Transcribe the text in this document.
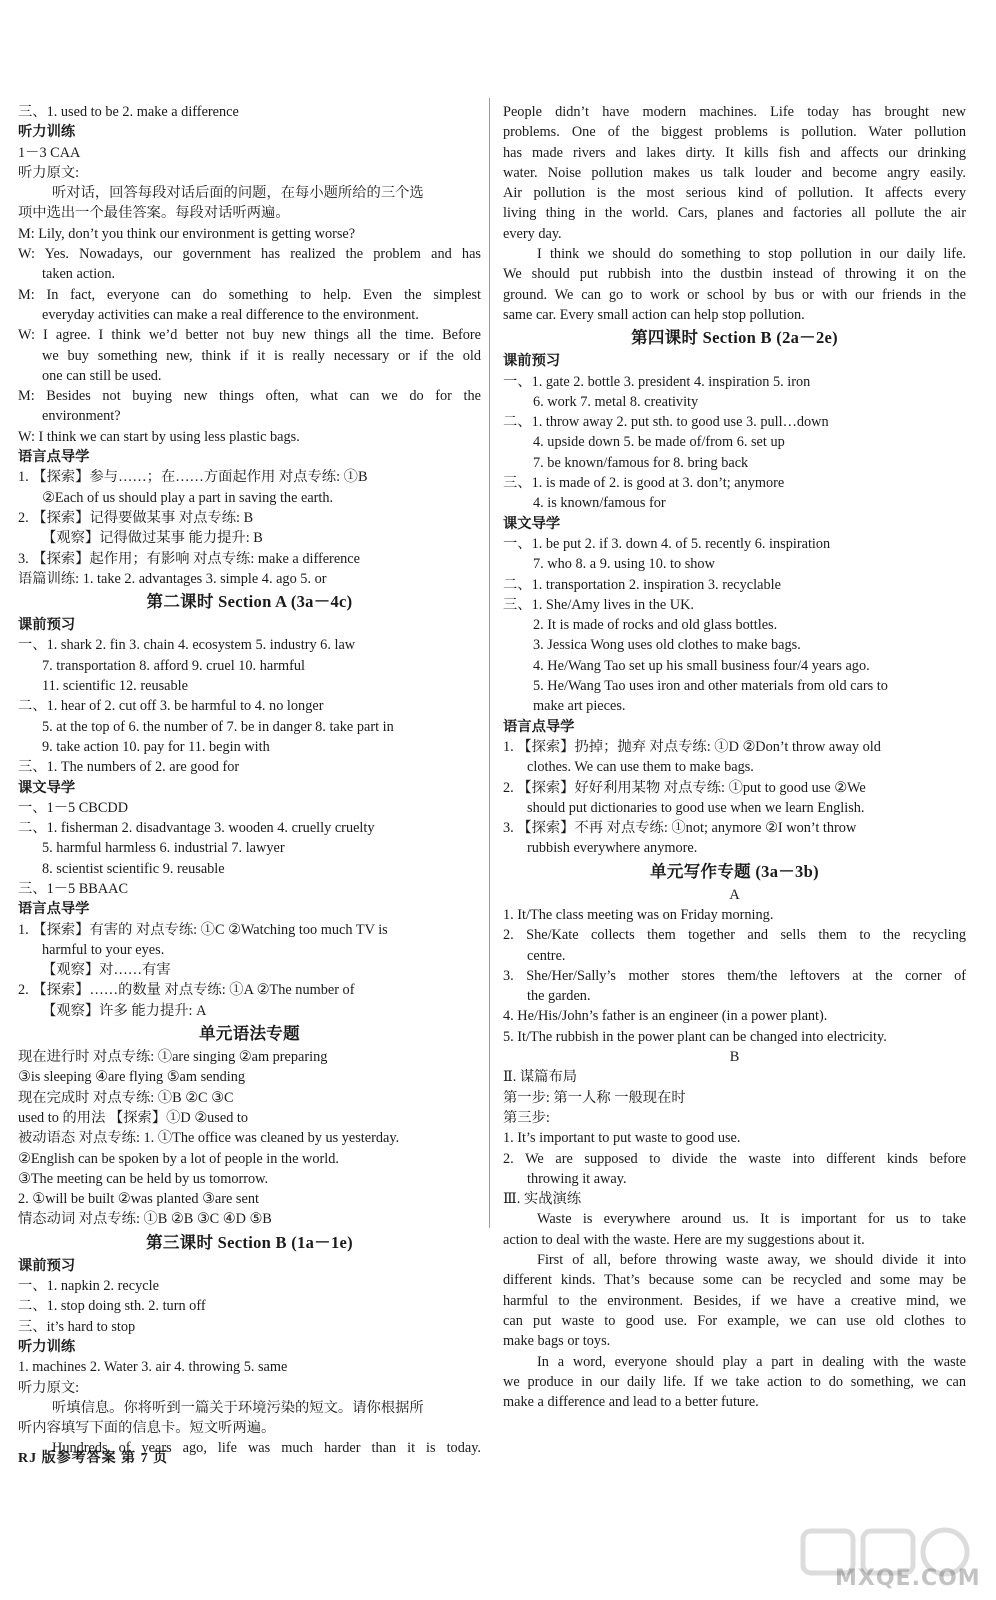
三、1. used to be 2. make a difference
听力训练
1－3 CAA
听力原文:
听对话，回答每段对话后面的问题，在每小题所给的三个选
项中选出一个最佳答案。每段对话听两遍。
M: Lily, don’t you think our environment is getting worse?
W: Yes. Nowadays, our government has realized the problem and has
taken action.
M: In fact, everyone can do something to help. Even the simplest
everyday activities can make a real difference to the environment.
W: I agree. I think we’d better not buy new things all the time. Before
we buy something new, think if it is really necessary or if the old
one can still be used.
M: Besides not buying new things often, what can we do for the
environment?
W: I think we can start by using less plastic bags.
语言点导学
1. 【探索】参与……；在……方面起作用 对点专练: ①B
②Each of us should play a part in saving the earth.
2. 【探索】记得要做某事 对点专练: B
【观察】记得做过某事 能力提升: B
3. 【探索】起作用；有影响 对点专练: make a difference
语篇训练: 1. take 2. advantages 3. simple 4. ago 5. or
第二课时 Section A (3a－4c)
课前预习
一、1. shark 2. fin 3. chain 4. ecosystem 5. industry 6. law
7. transportation 8. afford 9. cruel 10. harmful
11. scientific 12. reusable
二、1. hear of 2. cut off 3. be harmful to 4. no longer
5. at the top of 6. the number of 7. be in danger 8. take part in
9. take action 10. pay for 11. begin with
三、1. The numbers of 2. are good for
课文导学
一、1－5 CBCDD
二、1. fisherman 2. disadvantage 3. wooden 4. cruelly cruelty
5. harmful harmless 6. industrial 7. lawyer
8. scientist scientific 9. reusable
三、1－5 BBAAC
语言点导学
1. 【探索】有害的 对点专练: ①C ②Watching too much TV is
harmful to your eyes.
【观察】对……有害
2. 【探索】……的数量 对点专练: ①A ②The number of
【观察】许多 能力提升: A
单元语法专题
现在进行时 对点专练: ①are singing ②am preparing
③is sleeping ④are flying ⑤am sending
现在完成时 对点专练: ①B ②C ③C
used to 的用法 【探索】①D ②used to
被动语态 对点专练: 1. ①The office was cleaned by us yesterday.
②English can be spoken by a lot of people in the world.
③The meeting can be held by us tomorrow.
2. ①will be built ②was planted ③are sent
情态动词 对点专练: ①B ②B ③C ④D ⑤B
第三课时 Section B (1a－1e)
课前预习
一、1. napkin 2. recycle
二、1. stop doing sth. 2. turn off
三、it’s hard to stop
听力训练
1. machines 2. Water 3. air 4. throwing 5. same
听力原文:
听填信息。你将听到一篇关于环境污染的短文。请你根据所
听内容填写下面的信息卡。短文听两遍。
Hundreds of years ago, life was much harder than it is today.
People didn’t have modern machines. Life today has brought new
problems. One of the biggest problems is pollution. Water pollution
has made rivers and lakes dirty. It kills fish and affects our drinking
water. Noise pollution makes us talk louder and become angry easily.
Air pollution is the most serious kind of pollution. It affects every
living thing in the world. Cars, planes and factories all pollute the air
every day.
I think we should do something to stop pollution in our daily life.
We should put rubbish into the dustbin instead of throwing it on the
ground. We can go to work or school by bus or with our friends in the
same car. Every small action can help stop pollution.
第四课时 Section B (2a－2e)
课前预习
一、1. gate 2. bottle 3. president 4. inspiration 5. iron
6. work 7. metal 8. creativity
二、1. throw away 2. put sth. to good use 3. pull…down
4. upside down 5. be made of/from 6. set up
7. be known/famous for 8. bring back
三、1. is made of 2. is good at 3. don’t; anymore
4. is known/famous for
课文导学
一、1. be put 2. if 3. down 4. of 5. recently 6. inspiration
7. who 8. a 9. using 10. to show
二、1. transportation 2. inspiration 3. recyclable
三、1. She/Amy lives in the UK.
2. It is made of rocks and old glass bottles.
3. Jessica Wong uses old clothes to make bags.
4. He/Wang Tao set up his small business four/4 years ago.
5. He/Wang Tao uses iron and other materials from old cars to
make art pieces.
语言点导学
1. 【探索】扔掉；抛弃 对点专练: ①D ②Don’t throw away old
clothes. We can use them to make bags.
2. 【探索】好好利用某物 对点专练: ①put to good use ②We
should put dictionaries to good use when we learn English.
3. 【探索】不再 对点专练: ①not; anymore ②I won’t throw
rubbish everywhere anymore.
单元写作专题 (3a－3b)
A
1. It/The class meeting was on Friday morning.
2. She/Kate collects them together and sells them to the recycling
centre.
3. She/Her/Sally’s mother stores them/the leftovers at the corner of
the garden.
4. He/His/John’s father is an engineer (in a power plant).
5. It/The rubbish in the power plant can be changed into electricity.
B
Ⅱ. 谋篇布局
第一步: 第一人称 一般现在时
第三步:
1. It’s important to put waste to good use.
2. We are supposed to divide the waste into different kinds before
throwing it away.
Ⅲ. 实战演练
Waste is everywhere around us. It is important for us to take
action to deal with the waste. Here are my suggestions about it.
First of all, before throwing waste away, we should divide it into
different kinds. That’s because some can be recycled and some may be
harmful to the environment. Besides, if we have a creative mind, we
can put waste to good use. For example, we can use old clothes to
make bags or toys.
In a word, everyone should play a part in dealing with the waste
we produce in our daily life. If we take action to do something, we can
make a difference and lead to a better future.
RJ 版参考答案 第 7 页
MXQE.COM
